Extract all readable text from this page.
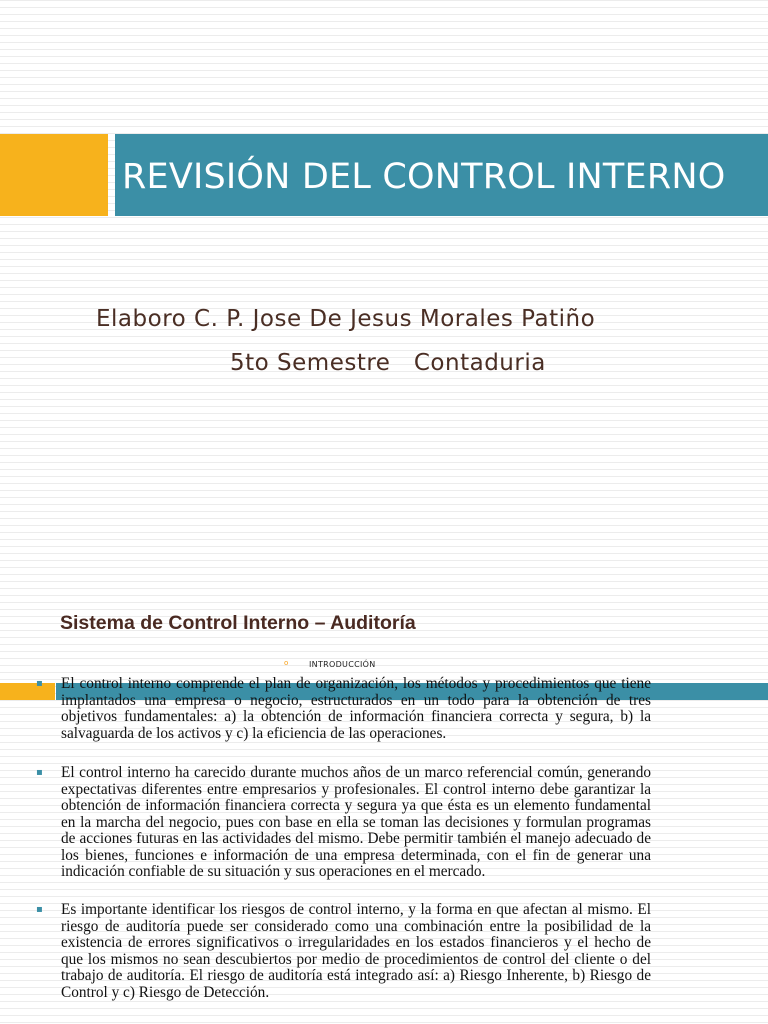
REVISIÓN DEL CONTROL INTERNO
Elaboro C. P. Jose De Jesus Morales Patiño
5to Semestre   Contaduria
Sistema de Control Interno – Auditoría
o	INTRODUCCIÓN
▪ El control interno comprende el plan de organización, los métodos y procedimientos que tiene implantados una empresa o negocio, estructurados en un todo para la obtención de tres objetivos fundamentales: a) la obtención de información financiera correcta y segura, b) la salvaguarda de los activos y c) la eficiencia de las operaciones.
▪ El control interno ha carecido durante muchos años de un marco referencial común, generando expectativas diferentes entre empresarios y profesionales. El control interno debe garantizar la obtención de información financiera correcta y segura ya que ésta es un elemento fundamental en la marcha del negocio, pues con base en ella se toman las decisiones y formulan programas de acciones futuras en las actividades del mismo. Debe permitir también el manejo adecuado de los bienes, funciones e información de una empresa determinada, con el fin de generar una indicación confiable de su situación y sus operaciones en el mercado.
▪ Es importante identificar los riesgos de control interno, y la forma en que afectan al mismo. El riesgo de auditoría puede ser considerado como una combinación entre la posibilidad de la existencia de errores significativos o irregularidades en los estados financieros y el hecho de que los mismos no sean descubiertos por medio de procedimientos de control del cliente o del trabajo de auditoría. El riesgo de auditoría está integrado así: a) Riesgo Inherente, b) Riesgo de Control y c) Riesgo de Detección.
